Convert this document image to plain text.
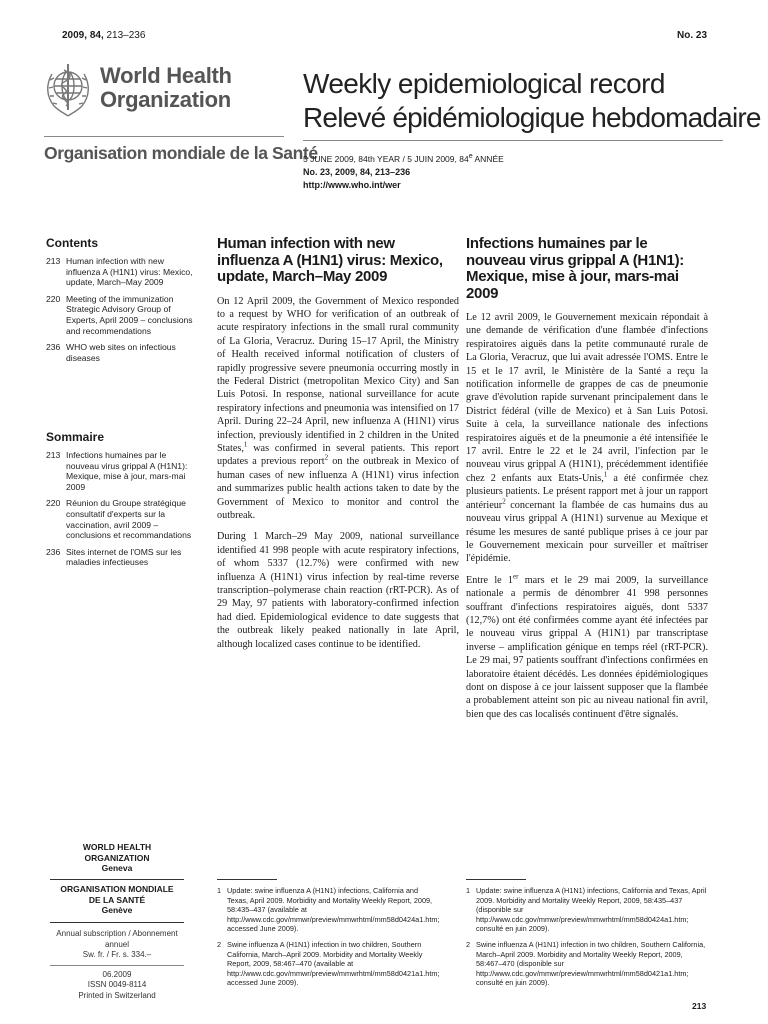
2009, 84, 213–236	No. 23
World Health
Organization
Organisation mondiale de la Santé
Weekly epidemiological record
Relevé épidémiologique hebdomadaire
5 JUNE 2009, 84th YEAR / 5 JUIN 2009, 84e ANNÉE
No. 23, 2009, 84, 213–236
http://www.who.int/wer
Contents
213 Human infection with new influenza A (H1N1) virus: Mexico, update, March–May 2009
220 Meeting of the immunization Strategic Advisory Group of Experts, April 2009 – conclusions and recommendations
236 WHO web sites on infectious diseases
Sommaire
213 Infections humaines par le nouveau virus grippal A (H1N1): Mexique, mise à jour, mars-mai 2009
220 Réunion du Groupe stratégique consultatif d'experts sur la vaccination, avril 2009 – conclusions et recommandations
236 Sites internet de l'OMS sur les maladies infectieuses
WORLD HEALTH
ORGANIZATION
Geneva
ORGANISATION MONDIALE
DE LA SANTÉ
Genève
Annual subscription / Abonnement annuel
Sw. fr. / Fr. s. 334.–
06.2009
ISSN 0049-8114
Printed in Switzerland
Human infection with new influenza A (H1N1) virus: Mexico, update, March–May 2009

On 12 April 2009, the Government of Mexico responded to a request by WHO for verification of an outbreak of acute respiratory infections in the small rural community of La Gloria, Veracruz. During 15–17 April, the Ministry of Health received informal notification of clusters of rapidly progressive severe pneumonia occurring mostly in the Federal District (metropolitan Mexico City) and San Luis Potosi. In response, national surveillance for acute respiratory infections and pneumonia was intensified on 17 April. During 22–24 April, new influenza A (H1N1) virus infection, previously identified in 2 children in the United States,$^1$ was confirmed in several patients. This report updates a previous report$^2$ on the outbreak in Mexico of human cases of new influenza A (H1N1) virus infection and summarizes public health actions taken to date by the Government of Mexico to monitor and control the outbreak.

During 1 March–29 May 2009, national surveillance identified 41 998 people with acute respiratory infections, of whom 5337 (12.7%) were confirmed with new influenza A (H1N1) virus infection by real-time reverse transcription–polymerase chain reaction (rRT-PCR). As of 29 May, 97 patients with laboratory-confirmed infection had died. Epidemiological evidence to date suggests that the outbreak likely peaked nationally in late April, although localized cases continue to be identified.

1 Update: swine influenza A (H1N1) infections, California and Texas, April 2009. Morbidity and Mortality Weekly Report, 2009, 58:435–437 (available at http://www.cdc.gov/mmwr/preview/mmwrhtml/mm58d0424a1.htm; accessed June 2009).
2 Swine influenza A (H1N1) infection in two children, Southern California, March–April 2009. Morbidity and Mortality Weekly Report, 2009, 58:467–470 (available at http://www.cdc.gov/mmwr/preview/mmwrhtml/mm58d0421a1.htm; accessed June 2009).
Infections humaines par le nouveau virus grippal A (H1N1): Mexique, mise à jour, mars-mai 2009

Le 12 avril 2009, le Gouvernement mexicain répondait à une demande de vérification d'une flambée d'infections respiratoires aiguës dans la petite communauté rurale de La Gloria, Veracruz, que lui avait adressée l'OMS. Entre le 15 et le 17 avril, le Ministère de la Santé a reçu la notification informelle de grappes de cas de pneumonie grave d'évolution rapide survenant principalement dans le District fédéral (ville de Mexico) et à San Luis Potosi. Suite à cela, la surveillance nationale des infections respiratoires aiguës et de la pneumonie a été intensifiée le 17 avril. Entre le 22 et le 24 avril, l'infection par le nouveau virus grippal A (H1N1), précédemment identifiée chez 2 enfants aux Etats-Unis,$^1$ a été confirmée chez plusieurs patients. Le présent rapport met à jour un rapport antérieur$^2$ concernant la flambée de cas humains dus au nouveau virus grippal A (H1N1) survenue au Mexique et résume les mesures de santé publique prises à ce jour par le Gouvernement mexicain pour surveiller et maîtriser l'épidémie.

Entre le 1er mars et le 29 mai 2009, la surveillance nationale a permis de dénombrer 41 998 personnes souffrant d'infections respiratoires aiguës, dont 5337 (12,7%) ont été confirmées comme ayant été infectées par le nouveau virus grippal A (H1N1) par transcriptase inverse – amplification génique en temps réel (rRT-PCR). Le 29 mai, 97 patients souffrant d'infections confirmées en laboratoire étaient décédés. Les données épidémiologiques dont on dispose à ce jour laissent supposer que la flambée a probablement atteint son pic au niveau national fin avril, bien que des cas localisés continuent d'être signalés.

1 Update: swine influenza A (H1N1) infections, California and Texas, April 2009. Morbidity and Mortality Weekly Report, 2009, 58:435–437 (disponible sur http://www.cdc.gov/mmwr/preview/mmwrhtml/mm58d0424a1.htm; consulté en juin 2009).
2 Swine influenza A (H1N1) infection in two children, Southern California, March–April 2009. Morbidity and Mortality Weekly Report, 2009, 58:467–470 (disponible sur http://www.cdc.gov/mmwr/preview/mmwrhtml/mm58d0421a1.htm; consulté en juin 2009).
213
